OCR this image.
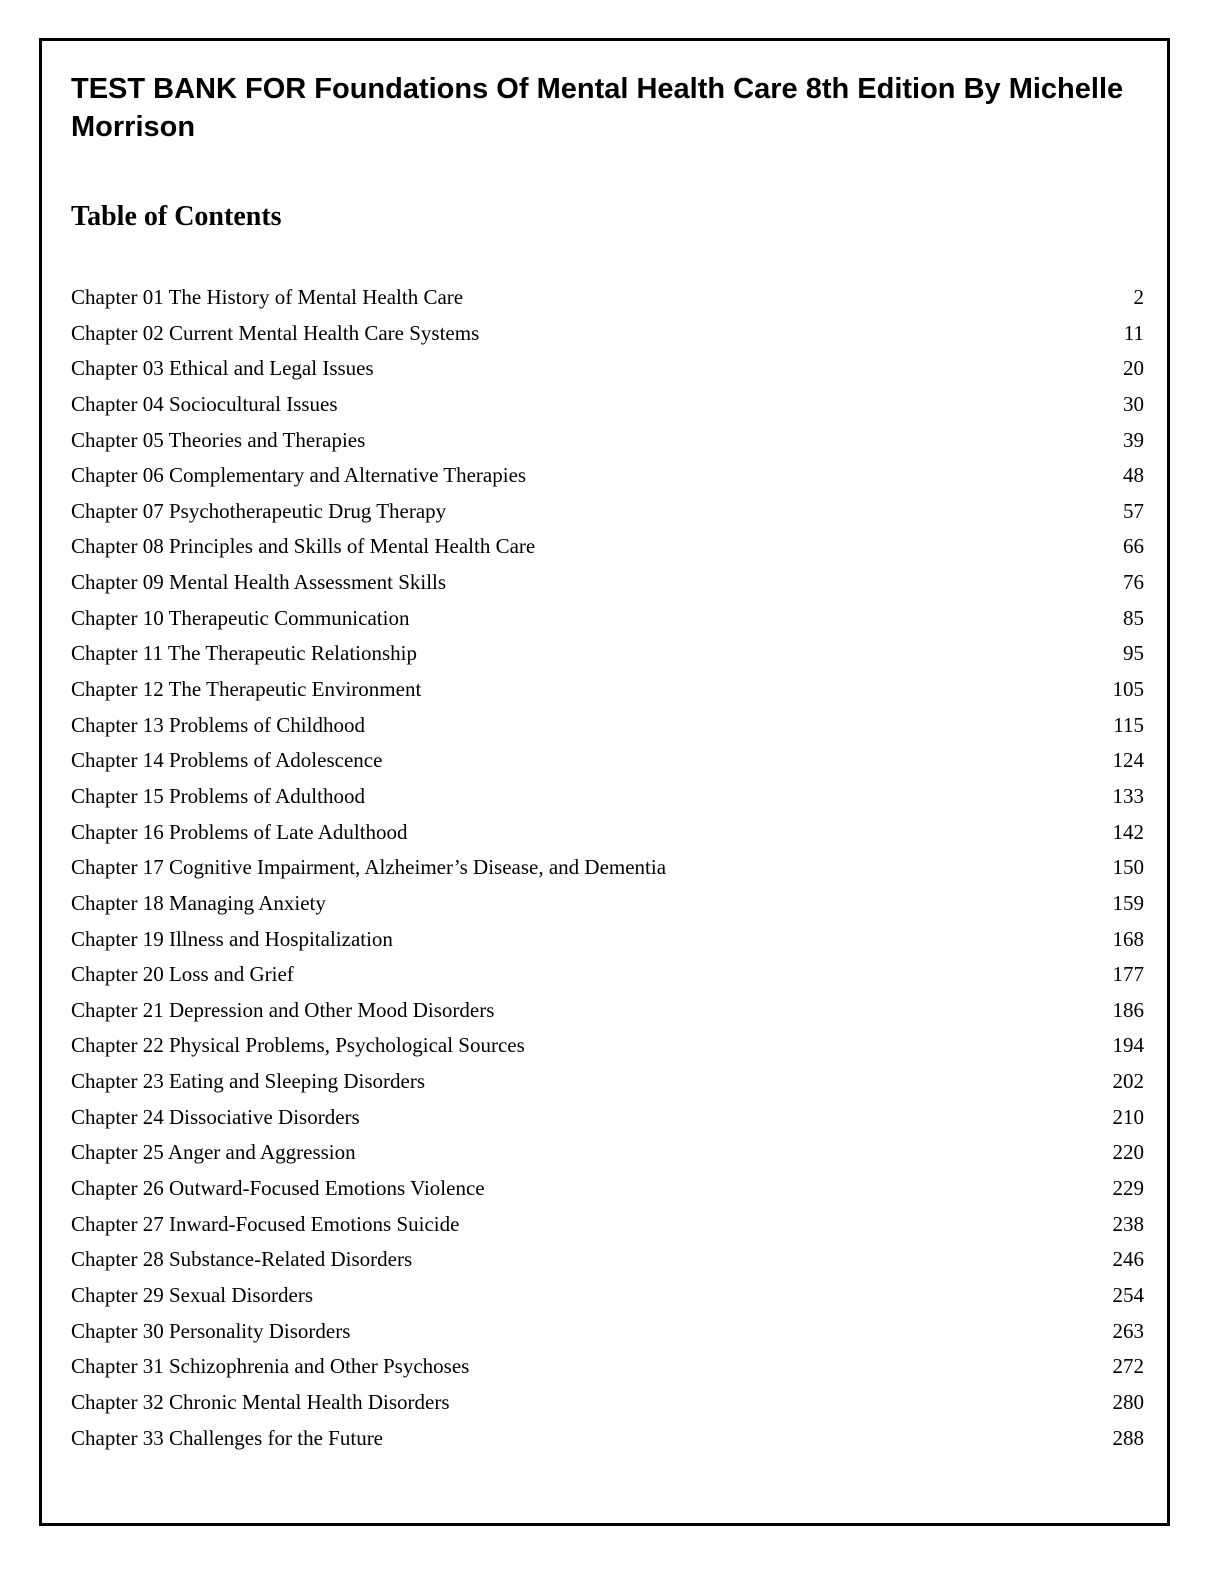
TEST BANK FOR Foundations Of Mental Health Care 8th Edition By Michelle Morrison
Table of Contents
Chapter 01 The History of Mental Health Care	2
Chapter 02 Current Mental Health Care Systems	11
Chapter 03 Ethical and Legal Issues	20
Chapter 04 Sociocultural Issues	30
Chapter 05 Theories and Therapies	39
Chapter 06 Complementary and Alternative Therapies	48
Chapter 07 Psychotherapeutic Drug Therapy	57
Chapter 08 Principles and Skills of Mental Health Care	66
Chapter 09 Mental Health Assessment Skills	76
Chapter 10 Therapeutic Communication	85
Chapter 11 The Therapeutic Relationship	95
Chapter 12 The Therapeutic Environment	105
Chapter 13 Problems of Childhood	115
Chapter 14 Problems of Adolescence	124
Chapter 15 Problems of Adulthood	133
Chapter 16 Problems of Late Adulthood	142
Chapter 17 Cognitive Impairment, Alzheimer’s Disease, and Dementia	150
Chapter 18 Managing Anxiety	159
Chapter 19 Illness and Hospitalization	168
Chapter 20 Loss and Grief	177
Chapter 21 Depression and Other Mood Disorders	186
Chapter 22 Physical Problems, Psychological Sources	194
Chapter 23 Eating and Sleeping Disorders	202
Chapter 24 Dissociative Disorders	210
Chapter 25 Anger and Aggression	220
Chapter 26 Outward-Focused Emotions Violence	229
Chapter 27 Inward-Focused Emotions Suicide	238
Chapter 28 Substance-Related Disorders	246
Chapter 29 Sexual Disorders	254
Chapter 30 Personality Disorders	263
Chapter 31 Schizophrenia and Other Psychoses	272
Chapter 32 Chronic Mental Health Disorders	280
Chapter 33 Challenges for the Future	288
